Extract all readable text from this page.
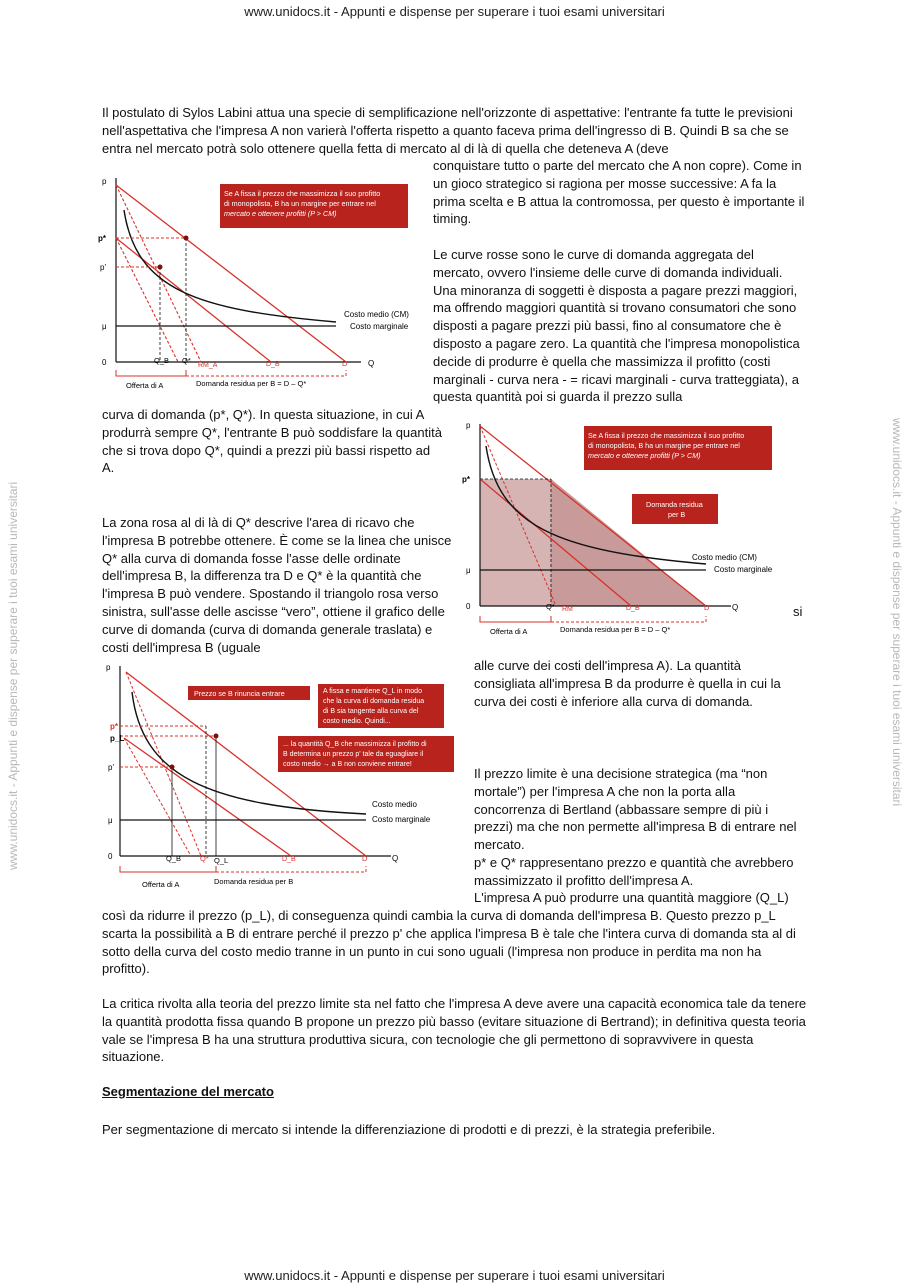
www.unidocs.it - Appunti e dispense per superare i tuoi esami universitari
www.unidocs.it - Appunti e dispense per superare i tuoi esami universitari
www.unidocs.it - Appunti e dispense per superare i tuoi esami universitari	www.unidocs.it - Appunti e dispense per superare i tuoi esami universitari
Il postulato di Sylos Labini attua una specie di semplificazione nell'orizzonte di aspettative: l'entrante fa tutte le previsioni nell'aspettativa che l'impresa A non varierà l'offerta rispetto a quanto faceva prima dell'ingresso di B. Quindi B sa che se entra nel mercato potrà solo ottenere quella fetta di mercato al di là di quella che deteneva A (deve
conquistare tutto o parte del mercato che A non copre). Come in un gioco strategico si ragiona per mosse successive: A fa la prima scelta e B attua la contromossa, per questo è importante il timing.
Le curve rosse sono le curve di domanda aggregata del mercato, ovvero l'insieme delle curve di domanda individuali. Una minoranza di soggetti è disposta a pagare prezzi maggiori, ma offrendo maggiori quantità si trovano consumatori che sono disposti a pagare prezzi più bassi, fino al consumatore che è disposto a pagare zero. La quantità che l'impresa monopolistica decide di produrre è quella che massimizza il profitto (costi marginali - curva nera - = ricavi marginali - curva tratteggiata), a questa quantità poi si guarda il prezzo sulla
curva di domanda (p*, Q*). In questa situazione, in cui A produrrà sempre Q*, l'entrante B può soddisfare la quantità che si trova dopo Q*, quindi a prezzi più bassi rispetto ad A.
La zona rosa al di là di Q* descrive l'area di ricavo che l'impresa B potrebbe ottenere. È come se la linea che unisce Q* alla curva di domanda fosse l'asse delle ordinate dell'impresa B, la differenza tra D e Q* è la quantità che l'impresa B può vendere. Spostando il triangolo rosa verso sinistra, sull'asse delle ascisse “vero”, ottiene il grafico delle curve di domanda (curva di domanda generale traslata) e costi dell'impresa B (uguale
si
alle curve dei costi dell'impresa A). La quantità consigliata all'impresa B da produrre è quella in cui la curva dei costi è inferiore alla curva di domanda.
Il prezzo limite è una decisione strategica (ma “non mortale”) per l'impresa A che non la porta alla concorrenza di Bertland (abbassare sempre di più i prezzi) ma che non permette all'impresa B di entrare nel mercato.
p* e Q* rappresentano prezzo e quantità che avrebbero massimizzato il profitto dell'impresa A.
L'impresa A può produrre una quantità maggiore (Q_L)
così da ridurre il prezzo (p_L), di conseguenza quindi cambia la curva di domanda dell'impresa B. Questo prezzo p_L scarta la possibilità a B di entrare perché il prezzo p' che applica l'impresa B è tale che l'intera curva di domanda sta al di sotto della curva del costo medio tranne in un punto in cui sono uguali (l'impresa non produce in perdita ma non ha profitto).
La critica rivolta alla teoria del prezzo limite sta nel fatto che l'impresa A deve avere una capacità economica tale da tenere la quantità prodotta fissa quando B propone un prezzo più basso (evitare situazione di Bertrand); in definitiva questa teoria vale se l'impresa B ha una struttura produttiva sicura, con tecnologie che gli permettono di sopravvivere in questa situazione.
Segmentazione del mercato
Per segmentazione di mercato si intende la differenziazione di prodotti e di prezzi, è la strategia preferibile.
Se A fissa il prezzo che massimizza il suo profitto
di monopolista, B ha un margine per entrare nel
mercato e ottenere profitti (P > CM)
p
p*
p'
μ
0
Costo medio (CM)
Costo marginale
Q_B Q*
RM_A	D_B	D	Q
Offerta di A	Domanda residua per B = D – Q*
Se A fissa il prezzo che massimizza il suo profitto
di monopolista, B ha un margine per entrare nel
mercato e ottenere profitti (P > CM)
Domanda residua
per B
p
p*
μ
0
Costo medio (CM)
Costo marginale
Q* RM	D_B	D	Q
Offerta di A	Domanda residua per B = D – Q*
Prezzo se B rinuncia entrare	A fissa e mantiene Q_L in modo
che la curva di domanda residua
di B sia tangente alla curva del
costo medio. Quindi...
... la quantità Q_B che massimizza il profitto di
B determina un prezzo p' tale da eguagliare il
costo medio → a B non conviene entrare!
p
p*
p_L
p'
μ
0
Costo medio
Costo marginale
Q_B	Q* Q_L	D_B	D	Q
Offerta di A	Domanda residua per B
